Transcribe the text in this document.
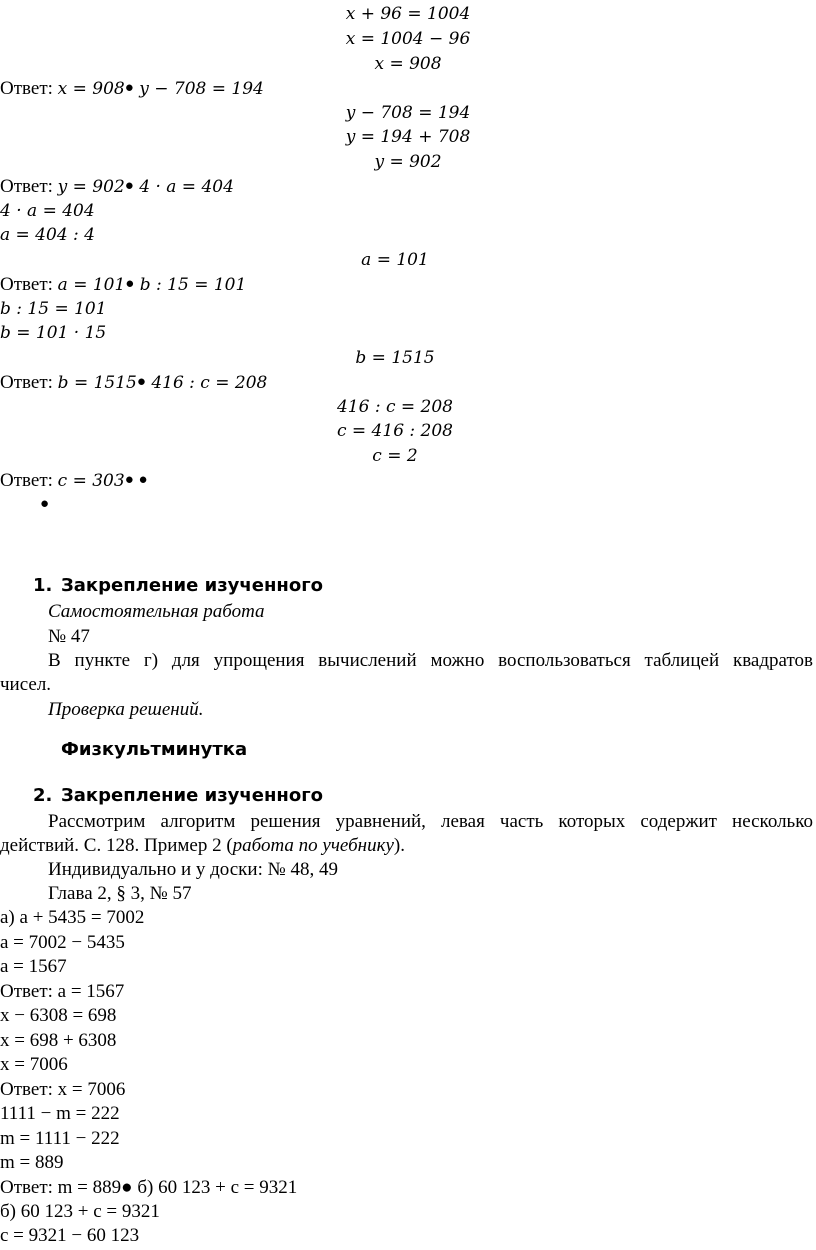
x + 96 = 1004
x = 1004 − 96
x = 908
Ответ: x = 908● y − 708 = 194
y − 708 = 194
y = 194 + 708
y = 902
Ответ: y = 902● 4 · a = 404
4 · a = 404
a = 404 : 4
a = 101
Ответ: a = 101● b : 15 = 101
b : 15 = 101
b = 101 · 15
b = 1515
Ответ: b = 1515● 416 : c = 208
416 : c = 208
c = 416 : 208
c = 2
Ответ: c = 303● ●
●
1. Закрепление изученного
Самостоятельная работа
№ 47
В пункте г) для упрощения вычислений можно воспользоваться таблицей квадратов
чисел.
Проверка решений.
Физкультминутка
2. Закрепление изученного
Рассмотрим алгоритм решения уравнений, левая часть которых содержит несколько
действий. С. 128. Пример 2 (работа по учебнику).
Индивидуально и у доски: № 48, 49
Глава 2, § 3, № 57
а) a + 5435 = 7002
a = 7002 − 5435
a = 1567
Ответ: a = 1567
x − 6308 = 698
x = 698 + 6308
x = 7006
Ответ: x = 7006
1111 − m = 222
m = 1111 − 222
m = 889
Ответ: m = 889● б) 60 123 + c = 9321
б) 60 123 + c = 9321
c = 9321 − 60 123
